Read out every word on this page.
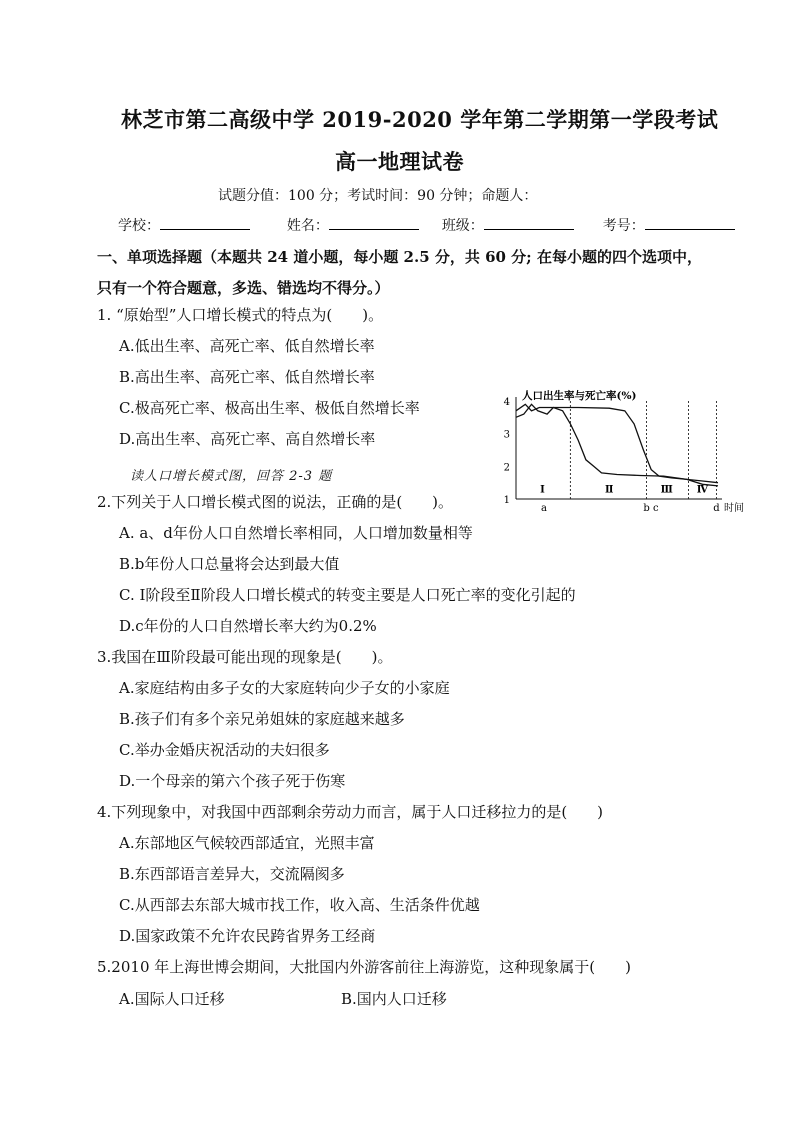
林芝市第二高级中学 2019-2020 学年第二学期第一学段考试
高一地理试卷
试题分值：100 分；考试时间：90 分钟；命题人：
学校：	姓名：	班级：	考号：
一、单项选择题（本题共 24 道小题，每小题 2.5 分，共 60 分; 在每小题的四个选项中，
只有一个符合题意，多选、错选均不得分。）
1. “原始型”人口增长模式的特点为(　　)。
A.低出生率、高死亡率、低自然增长率
B.高出生率、高死亡率、低自然增长率
C.极高死亡率、极高出生率、极低自然增长率
D.高出生率、高死亡率、高自然增长率
读人口增长模式图，回答 2-3 题
人口出生率与死亡率(%)
1
2
3
4
Ⅰ	Ⅱ	Ⅲ Ⅳ
a	b c	d 时间
2.下列关于人口增长模式图的说法，正确的是(　　)。
A. a、d年份人口自然增长率相同，人口增加数量相等
B.b年份人口总量将会达到最大值
C. Ⅰ阶段至Ⅱ阶段人口增长模式的转变主要是人口死亡率的变化引起的
D.c年份的人口自然增长率大约为0.2%
3.我国在Ⅲ阶段最可能出现的现象是(　　)。
A.家庭结构由多子女的大家庭转向少子女的小家庭
B.孩子们有多个亲兄弟姐妹的家庭越来越多
C.举办金婚庆祝活动的夫妇很多
D.一个母亲的第六个孩子死于伤寒
4.下列现象中，对我国中西部剩余劳动力而言，属于人口迁移拉力的是(　　)
A.东部地区气候较西部适宜，光照丰富
B.东西部语言差异大，交流隔阂多
C.从西部去东部大城市找工作，收入高、生活条件优越
D.国家政策不允许农民跨省界务工经商
5.2010 年上海世博会期间，大批国内外游客前往上海游览，这种现象属于(　　)
A.国际人口迁移	B.国内人口迁移
